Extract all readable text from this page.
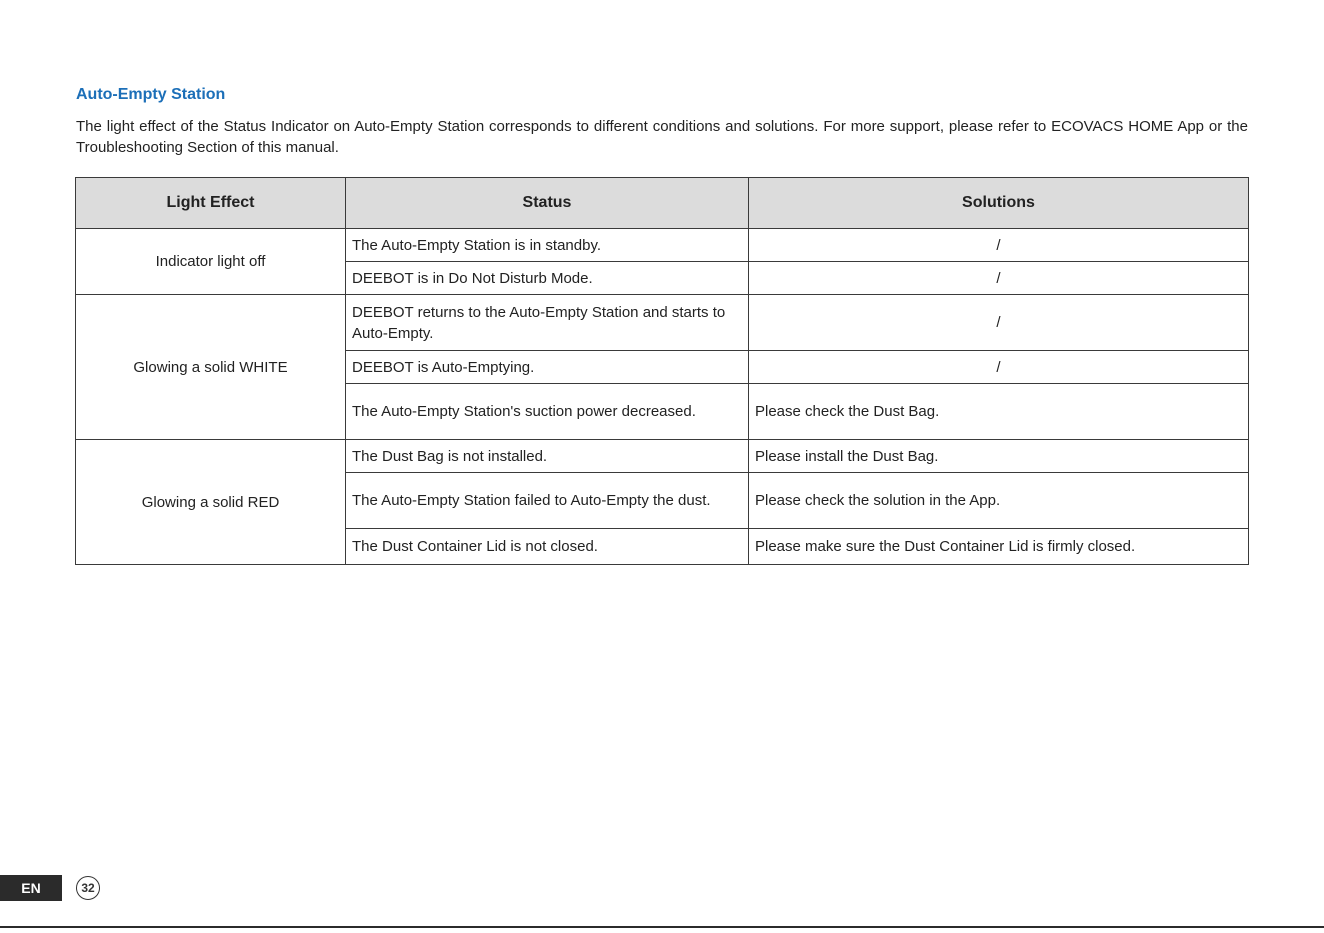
Auto-Empty Station
The light effect of the Status Indicator on Auto-Empty Station corresponds to different conditions and solutions. For more support, please refer to ECOVACS HOME App or the Troubleshooting Section of this manual.
Light Effect	Status	Solutions
Indicator light off	The Auto-Empty Station is in standby.	/
	DEEBOT is in Do Not Disturb Mode.	/
Glowing a solid WHITE	DEEBOT returns to the Auto-Empty Station and starts to Auto-Empty.	/
	DEEBOT is Auto-Emptying.	/
	The Auto-Empty Station's suction power decreased.	Please check the Dust Bag.
Glowing a solid RED	The Dust Bag is not installed.	Please install the Dust Bag.
	The Auto-Empty Station failed to Auto-Empty the dust.	Please check the solution in the App.
	The Dust Container Lid is not closed.	Please make sure the Dust Container Lid is firmly closed.
EN	32
